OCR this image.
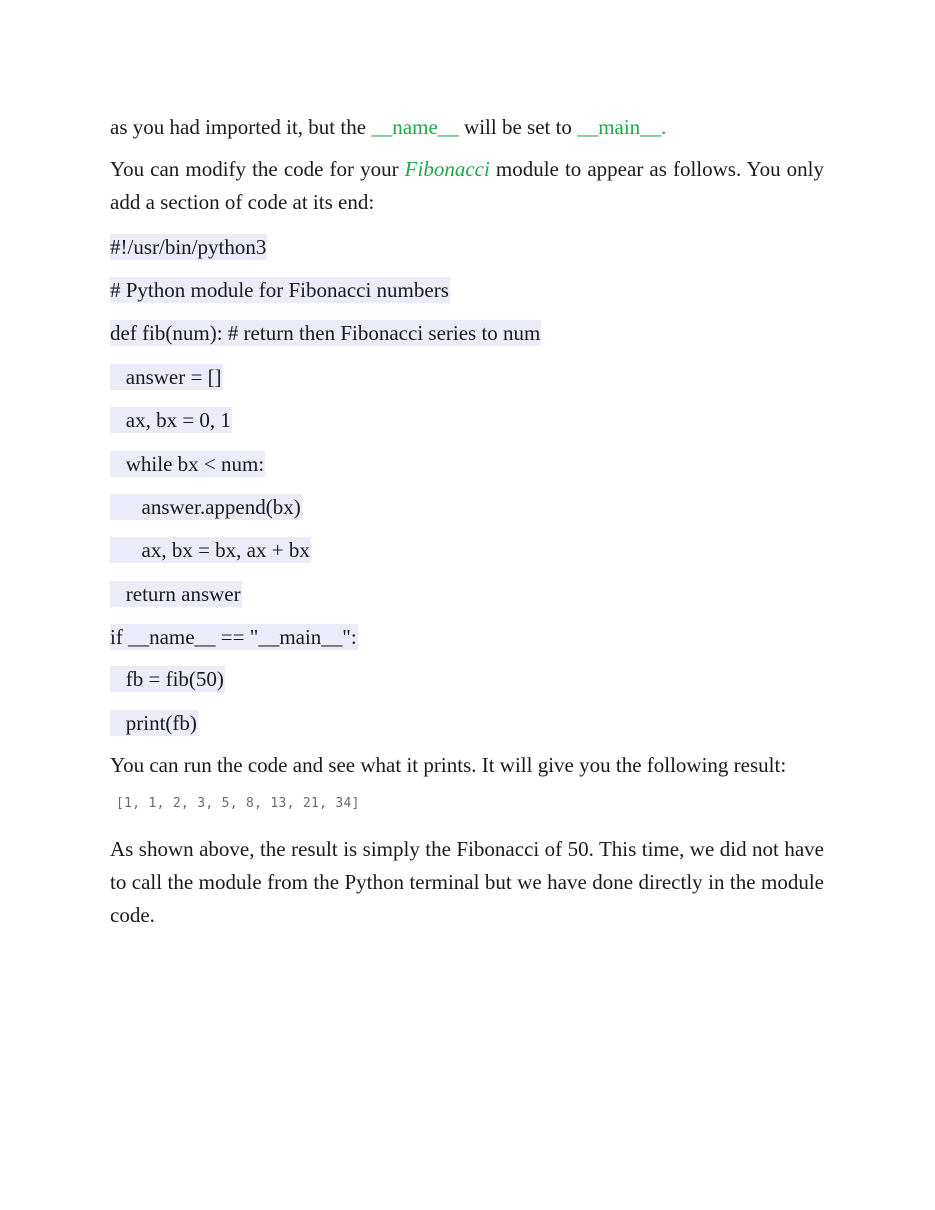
as you had imported it, but the __name__ will be set to __main__.

You can modify the code for your Fibonacci module to appear as follows. You only add a section of code at its end:

#!/usr/bin/python3
# Python module for Fibonacci numbers
def fib(num): # return then Fibonacci series to num
answer = []
ax, bx = 0, 1
while bx < num:
answer.append(bx)
ax, bx = bx, ax + bx
return answer
if __name__ == "__main__":
fb = fib(50)
print(fb)

You can run the code and see what it prints. It will give you the following result:

[1, 1, 2, 3, 5, 8, 13, 21, 34]

As shown above, the result is simply the Fibonacci of 50. This time, we did not have to call the module from the Python terminal but we have done directly in the module code.
